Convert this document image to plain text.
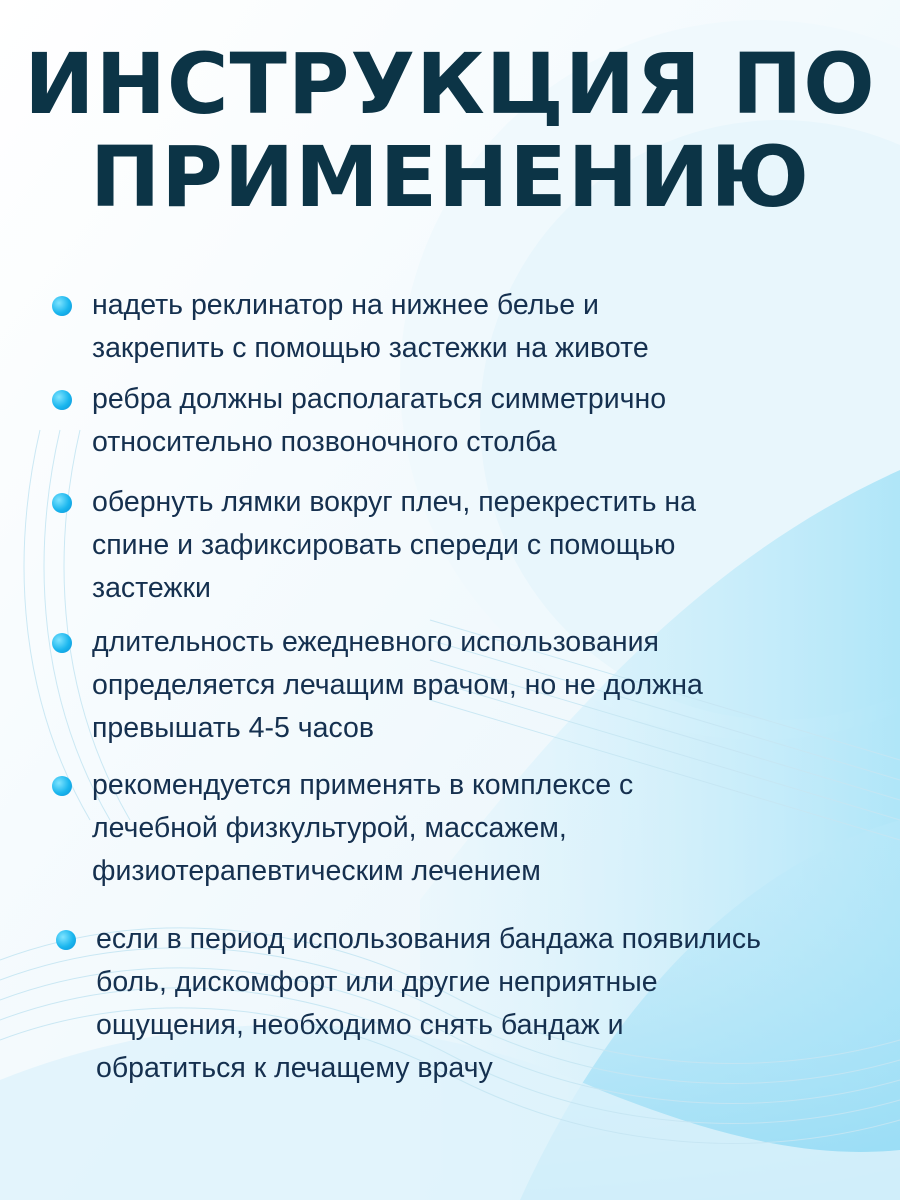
ИНСТРУКЦИЯ ПО
ПРИМЕНЕНИЮ
надеть реклинатор на нижнее белье и
закрепить с помощью застежки на животе
ребра должны располагаться симметрично
относительно позвоночного столба
обернуть лямки вокруг плеч, перекрестить на
спине и зафиксировать спереди с помощью
застежки
длительность ежедневного использования
определяется лечащим врачом, но не должна
превышать 4-5 часов
рекомендуется применять в комплексе с
лечебной физкультурой, массажем,
физиотерапевтическим лечением
если в период использования бандажа появились
боль, дискомфорт или другие неприятные
ощущения, необходимо снять бандаж и
обратиться к лечащему врачу
